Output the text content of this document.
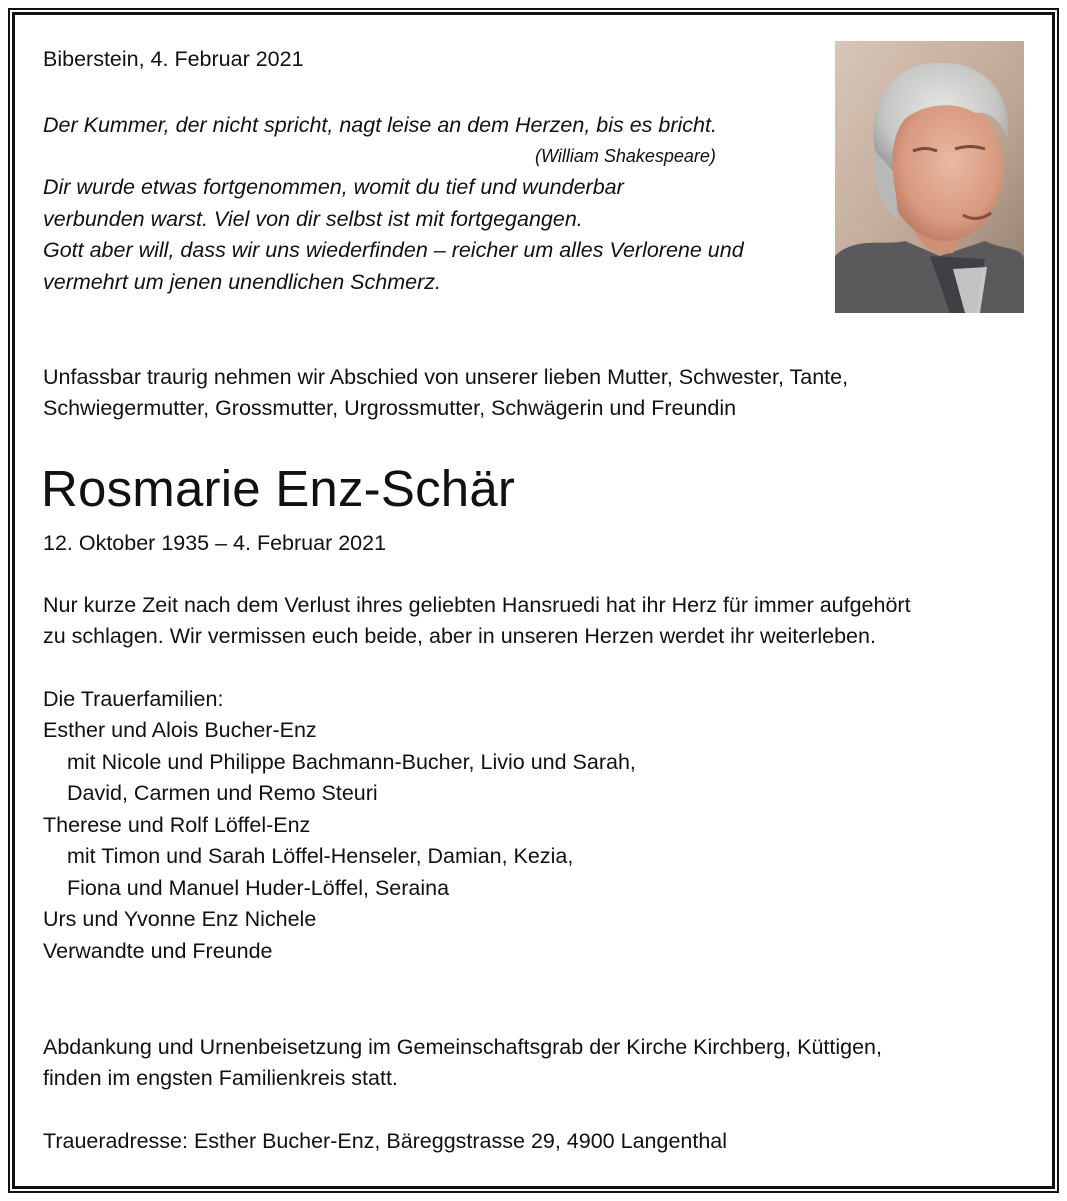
Biberstein, 4. Februar 2021

Der Kummer, der nicht spricht, nagt leise an dem Herzen, bis es bricht.

(William Shakespeare)

Dir wurde etwas fortgenommen, womit du tief und wunderbar

verbunden warst. Viel von dir selbst ist mit fortgegangen.

Gott aber will, dass wir uns wiederfinden – reicher um alles Verlorene und

vermehrt um jenen unendlichen Schmerz.

Unfassbar traurig nehmen wir Abschied von unserer lieben Mutter, Schwester, Tante,

Schwiegermutter, Grossmutter, Urgrossmutter, Schwägerin und Freundin

Rosmarie Enz-Schär

12. Oktober 1935 – 4. Februar 2021

Nur kurze Zeit nach dem Verlust ihres geliebten Hansruedi hat ihr Herz für immer aufgehört

zu schlagen. Wir vermissen euch beide, aber in unseren Herzen werdet ihr weiterleben.

Die Trauerfamilien:

Esther und Alois Bucher-Enz

mit Nicole und Philippe Bachmann-Bucher, Livio und Sarah,

David, Carmen und Remo Steuri

Therese und Rolf Löffel-Enz

mit Timon und Sarah Löffel-Henseler, Damian, Kezia,

Fiona und Manuel Huder-Löffel, Seraina

Urs und Yvonne Enz Nichele

Verwandte und Freunde

Abdankung und Urnenbeisetzung im Gemeinschaftsgrab der Kirche Kirchberg, Küttigen,

finden im engsten Familienkreis statt.

Traueradresse: Esther Bucher-Enz, Bäreggstrasse 29, 4900 Langenthal
